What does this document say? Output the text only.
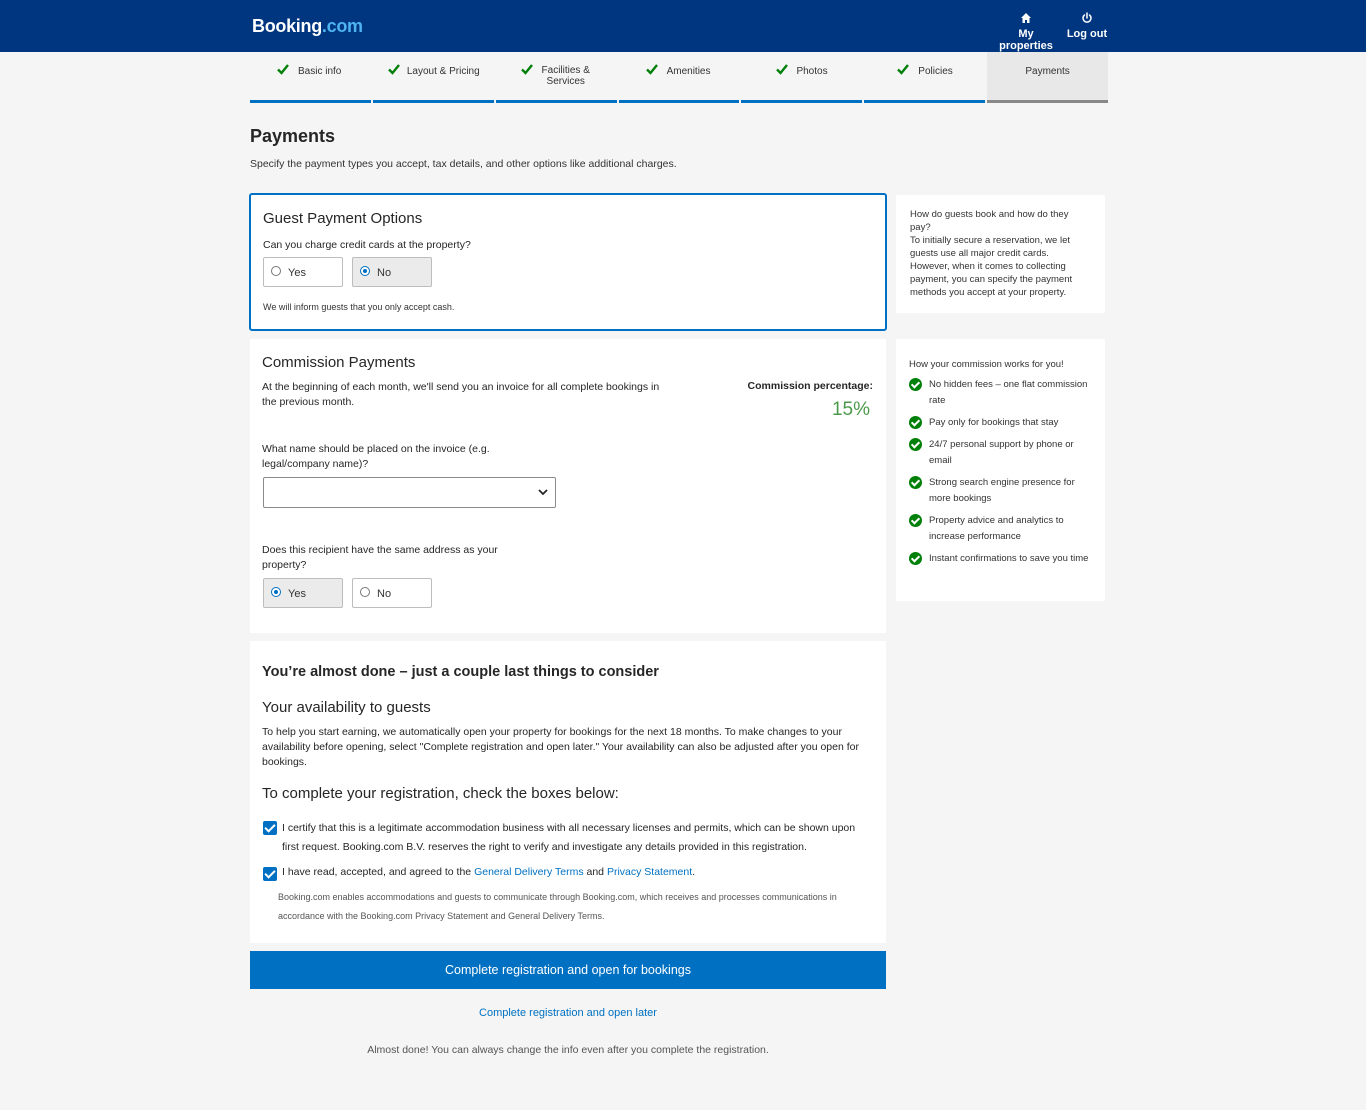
Booking.com	My properties
Log out
Basic info	Layout & Pricing	Facilities & Services
Amenities	Photos	Policies	Payments
Payments
Specify the payment types you accept, tax details, and other options like additional charges.
Guest Payment Options
Can you charge credit cards at the property?
Yes	No
We will inform guests that you only accept cash.
How do guests book and how do they pay?
To initially secure a reservation, we let guests use all major credit cards. However, when it comes to collecting payment, you can specify the payment methods you accept at your property.
Commission Payments
At the beginning of each month, we'll send you an invoice for all complete bookings in the previous month.
Commission percentage:
15%
What name should be placed on the invoice (e.g. legal/company name)?
Does this recipient have the same address as your property?
Yes	No
How your commission works for you!
No hidden fees – one flat commission rate
Pay only for bookings that stay
24/7 personal support by phone or email
Strong search engine presence for more bookings
Property advice and analytics to increase performance
Instant confirmations to save you time
You’re almost done – just a couple last things to consider
Your availability to guests
To help you start earning, we automatically open your property for bookings for the next 18 months. To make changes to your availability before opening, select "Complete registration and open later." Your availability can also be adjusted after you open for bookings.
To complete your registration, check the boxes below:
I certify that this is a legitimate accommodation business with all necessary licenses and permits, which can be shown upon first request. Booking.com B.V. reserves the right to verify and investigate any details provided in this registration.
I have read, accepted, and agreed to the General Delivery Terms and Privacy Statement.
Booking.com enables accommodations and guests to communicate through Booking.com, which receives and processes communications in accordance with the Booking.com Privacy Statement and General Delivery Terms.
Complete registration and open for bookings
Complete registration and open later
Almost done! You can always change the info even after you complete the registration.
